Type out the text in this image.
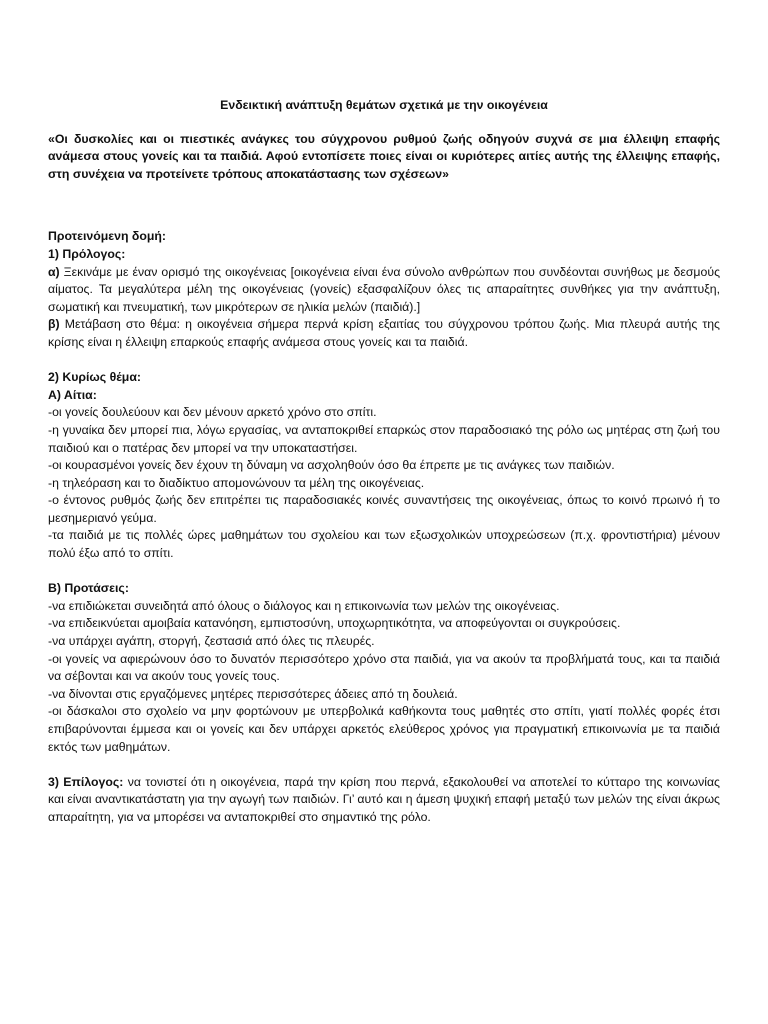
Ενδεικτική ανάπτυξη θεμάτων σχετικά με την οικογένεια

«Οι δυσκολίες και οι πιεστικές ανάγκες του σύγχρονου ρυθμού ζωής οδηγούν συχνά σε μια έλλειψη επαφής ανάμεσα στους γονείς και τα παιδιά. Αφού εντοπίσετε ποιες είναι οι κυριότερες αιτίες αυτής της έλλειψης επαφής, στη συνέχεια να προτείνετε τρόπους αποκατάστασης των σχέσεων»

Προτεινόμενη δομή:

1) Πρόλογος:

α) Ξεκινάμε με έναν ορισμό της οικογένειας [οικογένεια είναι ένα σύνολο ανθρώπων που συνδέονται συνήθως με δεσμούς αίματος. Τα μεγαλύτερα μέλη της οικογένειας (γονείς) εξασφαλίζουν όλες τις απαραίτητες συνθήκες για την ανάπτυξη, σωματική και πνευματική, των μικρότερων σε ηλικία μελών (παιδιά).]

β) Μετάβαση στο θέμα: η οικογένεια σήμερα περνά κρίση εξαιτίας του σύγχρονου τρόπου ζωής. Μια πλευρά αυτής της κρίσης είναι η έλλειψη επαρκούς επαφής ανάμεσα στους γονείς και τα παιδιά.

2) Κυρίως θέμα:

Α) Αίτια:

-οι γονείς δουλεύουν και δεν μένουν αρκετό χρόνο στο σπίτι.

-η γυναίκα δεν μπορεί πια, λόγω εργασίας, να ανταποκριθεί επαρκώς στον παραδοσιακό της ρόλο ως μητέρας στη ζωή του παιδιού και ο πατέρας δεν μπορεί να την υποκαταστήσει.

-οι κουρασμένοι γονείς δεν έχουν τη δύναμη να ασχοληθούν όσο θα έπρεπε με τις ανάγκες των παιδιών.

-η τηλεόραση και το διαδίκτυο απομονώνουν τα μέλη της οικογένειας.

-ο έντονος ρυθμός ζωής δεν επιτρέπει τις παραδοσιακές κοινές συναντήσεις της οικογένειας, όπως το κοινό πρωινό ή το μεσημεριανό γεύμα.

-τα παιδιά με τις πολλές ώρες μαθημάτων του σχολείου και των εξωσχολικών υποχρεώσεων (π.χ. φροντιστήρια) μένουν πολύ έξω από το σπίτι.

Β) Προτάσεις:

-να επιδιώκεται συνειδητά από όλους ο διάλογος και η επικοινωνία των μελών της οικογένειας.

-να επιδεικνύεται αμοιβαία κατανόηση, εμπιστοσύνη, υποχωρητικότητα, να αποφεύγονται οι συγκρούσεις.

-να υπάρχει αγάπη, στοργή, ζεστασιά από όλες τις πλευρές.

-οι γονείς να αφιερώνουν όσο το δυνατόν περισσότερο χρόνο στα παιδιά, για να ακούν τα προβλήματά τους, και τα παιδιά να σέβονται και να ακούν τους γονείς τους.

-να δίνονται στις εργαζόμενες μητέρες περισσότερες άδειες από τη δουλειά.

-οι δάσκαλοι στο σχολείο να μην φορτώνουν με υπερβολικά καθήκοντα τους μαθητές στο σπίτι, γιατί πολλές φορές έτσι επιβαρύνονται έμμεσα και οι γονείς και δεν υπάρχει αρκετός ελεύθερος χρόνος για πραγματική επικοινωνία με τα παιδιά εκτός των μαθημάτων.

3) Επίλογος: να τονιστεί ότι η οικογένεια, παρά την κρίση που περνά, εξακολουθεί να αποτελεί το κύτταρο της κοινωνίας και είναι αναντικατάστατη για την αγωγή των παιδιών. Γι’ αυτό και η άμεση ψυχική επαφή μεταξύ των μελών της είναι άκρως απαραίτητη, για να μπορέσει να ανταποκριθεί στο σημαντικό της ρόλο.
